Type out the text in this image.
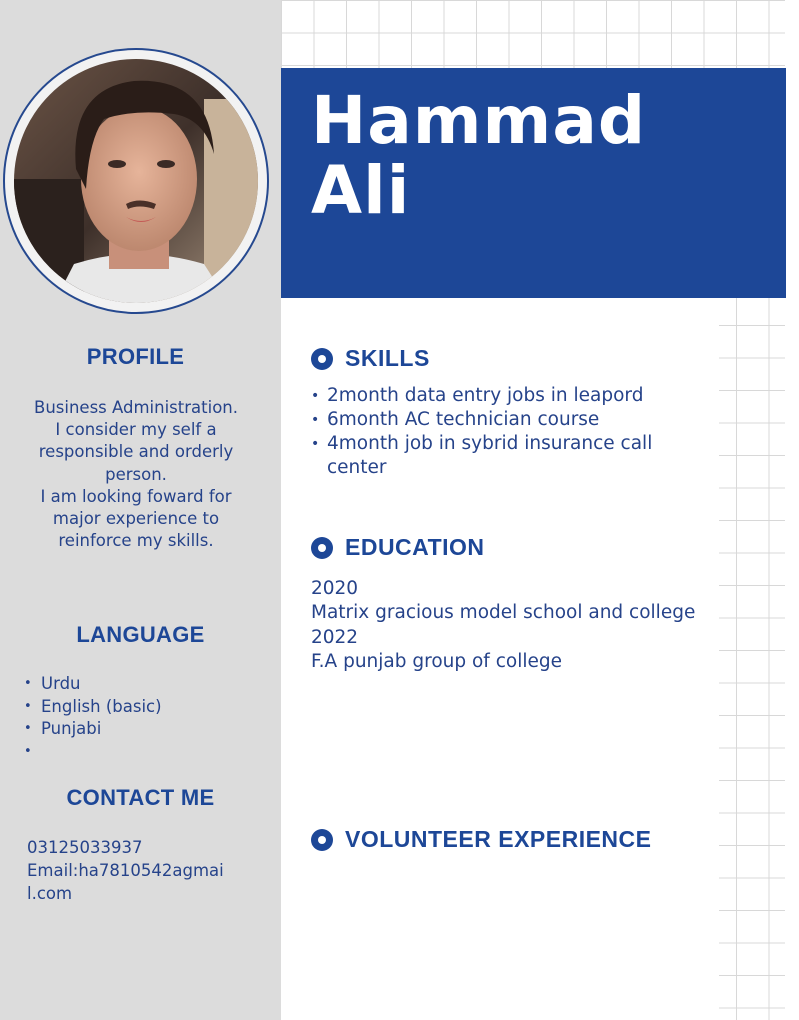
PROFILE
Business Administration.
I consider my self a
responsible and orderly
person.
I am looking foward for
major experience to
reinforce my skills.
LANGUAGE
• Urdu
• English (basic)
• Punjabi
•
CONTACT ME
03125033937
Email:ha7810542agmai
l.com
Hammad
Ali
SKILLS
• 2month data entry jobs in leapord
• 6month AC technician course
• 4month job in sybrid insurance call center
EDUCATION
2020
Matrix gracious model school and college
2022
F.A punjab group of college
VOLUNTEER EXPERIENCE
